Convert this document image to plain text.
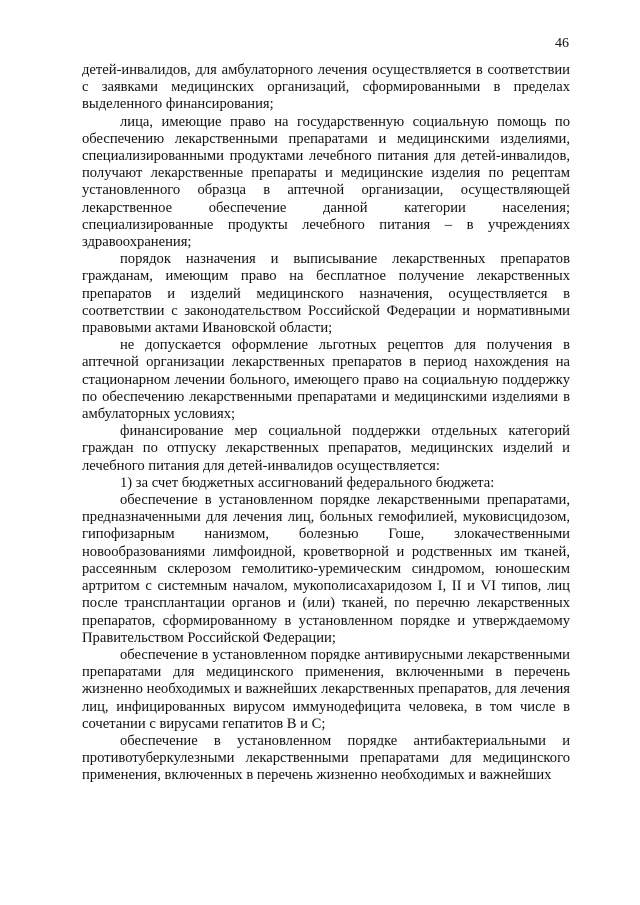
46

детей-инвалидов, для амбулаторного лечения осуществляется в соответствии с заявками медицинских организаций, сформированными в пределах выделенного финансирования;

лица, имеющие право на государственную социальную помощь по обеспечению лекарственными препаратами и медицинскими изделиями, специализированными продуктами лечебного питания для детей-инвалидов, получают лекарственные препараты и медицинские изделия по рецептам установленного образца в аптечной организации, осуществляющей лекарственное обеспечение данной категории населения; специализированные продукты лечебного питания – в учреждениях здравоохранения;

порядок назначения и выписывание лекарственных препаратов гражданам, имеющим право на бесплатное получение лекарственных препаратов и изделий медицинского назначения, осуществляется в соответствии с законодательством Российской Федерации и нормативными правовыми актами Ивановской области;

не допускается оформление льготных рецептов для получения в аптечной организации лекарственных препаратов в период нахождения на стационарном лечении больного, имеющего право на социальную поддержку по обеспечению лекарственными препаратами и медицинскими изделиями в амбулаторных условиях;

финансирование мер социальной поддержки отдельных категорий граждан по отпуску лекарственных препаратов, медицинских изделий и лечебного питания для детей-инвалидов осуществляется:

1) за счет бюджетных ассигнований федерального бюджета:

обеспечение в установленном порядке лекарственными препаратами, предназначенными для лечения лиц, больных гемофилией, муковисцидозом, гипофизарным нанизмом, болезнью Гоше, злокачественными новообразованиями лимфоидной, кроветворной и родственных им тканей, рассеянным склерозом гемолитико-уремическим синдромом, юношеским артритом с системным началом, мукополисахаридозом I, II и VI типов, лиц после трансплантации органов и (или) тканей, по перечню лекарственных препаратов, сформированному в установленном порядке и утверждаемому Правительством Российской Федерации;

обеспечение в установленном порядке антивирусными лекарственными препаратами для медицинского применения, включенными в перечень жизненно необходимых и важнейших лекарственных препаратов, для лечения лиц, инфицированных вирусом иммунодефицита человека, в том числе в сочетании с вирусами гепатитов В и С;

обеспечение в установленном порядке антибактериальными и противотуберкулезными лекарственными препаратами для медицинского применения, включенных в перечень жизненно необходимых и важнейших
